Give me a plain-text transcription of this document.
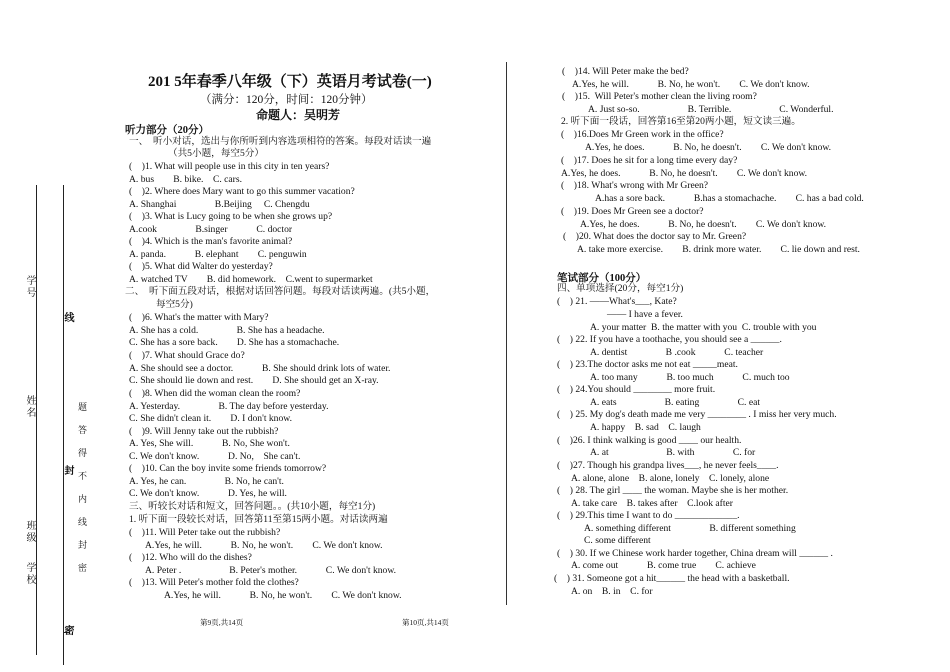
学号
姓名
班级
学校
线
封
密
题答得不内线封密
201 5年春季八年级（下）英语月考试卷(一)
（满分：120分，时间：120分钟）
命题人：吴明芳
听力部分（20分）
一、　听小对话，选出与你所听到内容选项相符的答案。每段对话读一遍
（共5小题，每空5分）
(　)1. What will people use in this city in ten years?
A. bus　　B. bike.　C. cars.
(　)2. Where does Mary want to go this summer vacation?
A. Shanghai　　　　B.Beijing　 C. Chengdu
(　)3. What is Lucy going to be when she grows up?
A.cook　　　　B.singer　　　C. doctor
(　)4. Which is the man's favorite animal?
A. panda.　　　B. elephant　　C. penguwin
(　)5. What did Walter do yesterday?
A. watched TV　　B. did homework.　C.went to supermarket
二、　听下面五段对话，根据对话回答问题。每段对话读两遍。(共5小题，
每空5分)
(　)6. What's the matter with Mary?
A. She has a cold.　　　　B. She has a headache.
C. She has a sore back.　　D. She has a stomachache.
(　)7. What should Grace do?
A. She should see a doctor.　　　B. She should drink lots of water.
C. She should lie down and rest.　　D. She should get an X-ray.
(　)8. When did the woman clean the room?
A. Yesterday.　　　　B. The day before yesterday.
C. She didn't clean it.　　D. I don't know.
(　)9. Will Jenny take out the rubbish?
A. Yes, She will.　　　B. No, She won't.
C. We don't know.　　　D. No,　She can't.
(　)10. Can the boy invite some friends tomorrow?
A. Yes, he can.　　　　B. No, he can't.
C. We don't know.　　　D. Yes, he will.
三、听较长对话和短文，回答问题。。(共10小题，每空1分)
1. 听下面一段较长对话，回答第11至第15两小题。对话读两遍
(　)11. Will Peter take out the rubbish?
A.Yes, he will.　　　B. No, he won't.　　C. We don't know.
(　)12. Who will do the dishes?
A. Peter .　　　　　B. Peter's mother.　　　C. We don't know.
(　)13. Will Peter's mother fold the clothes?
A.Yes, he will.　　　B. No, he won't.　　C. We don't know.
(　)14. Will Peter make the bed?
A.Yes, he will.　　　B. No, he won't.　　C. We don't know.
(　)15.  Will Peter's mother clean the living room?
A. Just so-so.　　　　　B. Terrible.　　　　　C. Wonderful.
2. 听下面一段话，回答第16至第20两小题，短文读三遍。
(　)16.Does Mr Green work in the office?
A.Yes, he does.　　　B. No, he doesn't.　　C. We don't know.
(　)17. Does he sit for a long time every day?
A.Yes, he does.　　　B. No, he doesn't.　　C. We don't know.
(　)18. What's wrong with Mr Green?
A.has a sore back.　　　B.has a stomachache.　　C. has a bad cold.
(　)19. Does Mr Green see a doctor?
A.Yes, he does.　　　B. No, he doesn't.　　C. We don't know.
(　)20. What does the doctor say to Mr. Green?
A. take more exercise.　　B. drink more water.　　C. lie down and rest.
笔试部分（100分）
四、单项选择(20分，每空1分)
(　) 21. ——What's___, Kate?
—— I have a fever.
A. your matter  B. the matter with you  C. trouble with you
(　) 22. If you have a toothache, you should see a ______.
A. dentist　　　　B .cook　　　C. teacher
(　) 23.The doctor asks me not eat _____meat.
A. too many　　　B. too much　　　C. much too
(　) 24.You should ________ more fruit.
A. eats　　　　　B. eating　　　　C. eat
(　) 25. My dog's death made me very ________ . I miss her very much.
A. happy　B. sad　C. laugh
(　)26. I think walking is good ____ our health.
A. at　　　　　　B. with　　　　C. for
(　)27. Though his grandpa lives___, he never feels____.
A. alone, alone　B. alone, lonely　C. lonely, alone
(　) 28. The girl ____ the woman. Maybe she is her mother.
A. take care　B. takes after　C.look after
(　) 29.This time I want to do _____________.
A. something different　　　　B. different something
C. some different
(　) 30. If we Chinese work harder together, China dream will ______ .
A. come out　　　B. come true　　C. achieve
(　) 31. Someone got a hit______ the head with a basketball.
A. on　B. in　C. for
第9页,共14页	第10页,共14页
